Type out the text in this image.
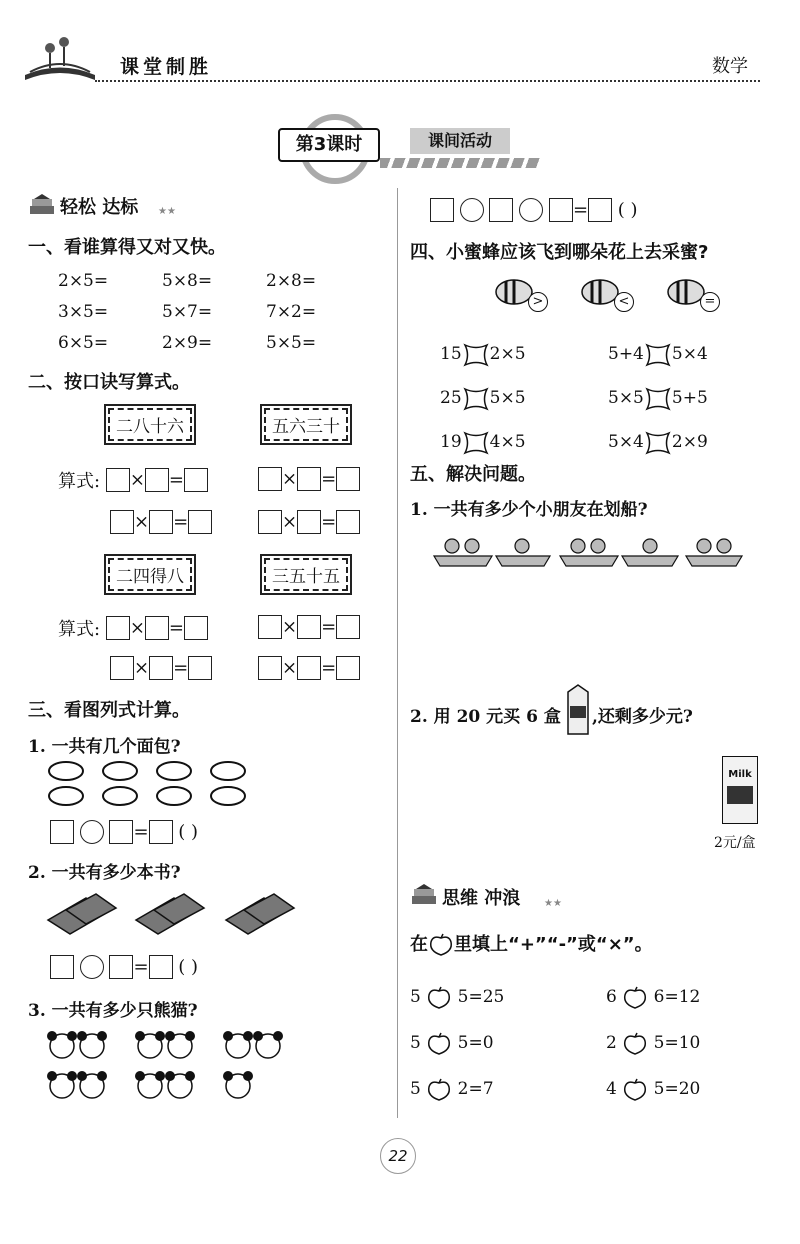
课堂制胜	数学
第3课时	课间活动
轻松 达标 ★★
一、看谁算得又对又快。
2×5=	5×8=	2×8=
3×5=	5×7=	7×2=
6×5=	2×9=	5×5=
二、按口诀写算式。
二八十六	五六三十
算式: × =	× =
× =	× =
二四得八	三五十五
算式: × =	× =
× =	× =
三、看图列式计算。
1. 一共有几个面包?
= ( )
2. 一共有多少本书?
= ( )
3. 一共有多少只熊猫?
= ( )
四、小蜜蜂应该飞到哪朵花上去采蜜?
>	<	=
15 2×5	5+4 5×4
25 5×5	5×5 5+5
19 4×5	5×4 2×9
五、解决问题。
1. 一共有多少个小朋友在划船?
2. 用 20 元买 6 盒 ,还剩多少元?
Milk
2元/盒
思维 冲浪 ★★
在 里填上“+”“-”或“×”。
5 5=25	6 6=12
5 5=0	2 5=10
5 2=7	4 5=20
22
